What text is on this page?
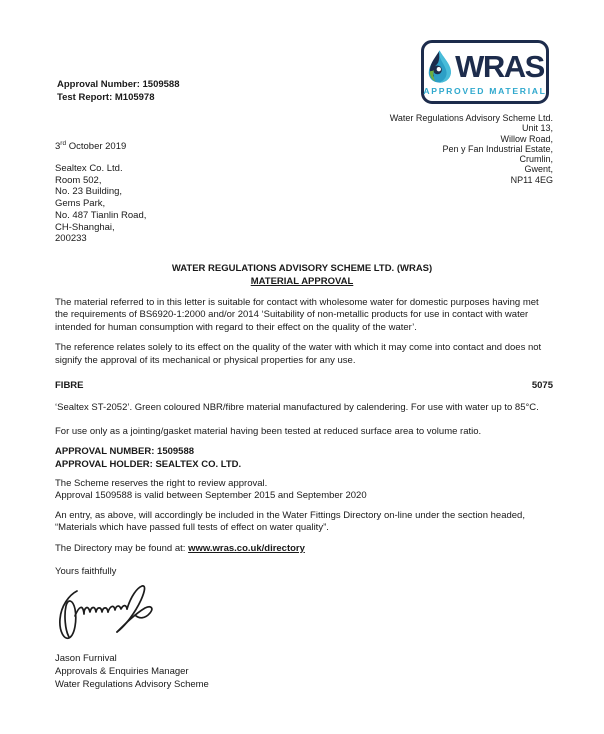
Approval Number: 1509588
Test Report: M105978
WRAS
APPROVED MATERIAL
Water Regulations Advisory Scheme Ltd.
Unit 13,
Willow Road,
Pen y Fan Industrial Estate,
Crumlin,
Gwent,
NP11 4EG
3rd October 2019
Sealtex Co. Ltd.
Room 502,
No. 23 Building,
Gems Park,
No. 487 Tianlin Road,
CH-Shanghai,
200233
WATER REGULATIONS ADVISORY SCHEME LTD. (WRAS)
MATERIAL APPROVAL

The material referred to in this letter is suitable for contact with wholesome water for domestic purposes having met the requirements of BS6920-1:2000 and/or 2014 ‘Suitability of non-metallic products for use in contact with water intended for human consumption with regard to their effect on the quality of the water’.

The reference relates solely to its effect on the quality of the water with which it may come into contact and does not signify the approval of its mechanical or physical properties for any use.

FIBRE	5075

‘Sealtex ST-2052’. Green coloured NBR/fibre material manufactured by calendering. For use with water up to 85°C.

For use only as a jointing/gasket material having been tested at reduced surface area to volume ratio.

APPROVAL NUMBER: 1509588
APPROVAL HOLDER: SEALTEX CO. LTD.
The Scheme reserves the right to review approval.
Approval 1509588 is valid between September 2015 and September 2020

An entry, as above, will accordingly be included in the Water Fittings Directory on-line under the section headed, “Materials which have passed full tests of effect on water quality”.

The Directory may be found at: www.wras.co.uk/directory
Yours faithfully
Jason Furnival
Approvals & Enquiries Manager
Water Regulations Advisory Scheme
